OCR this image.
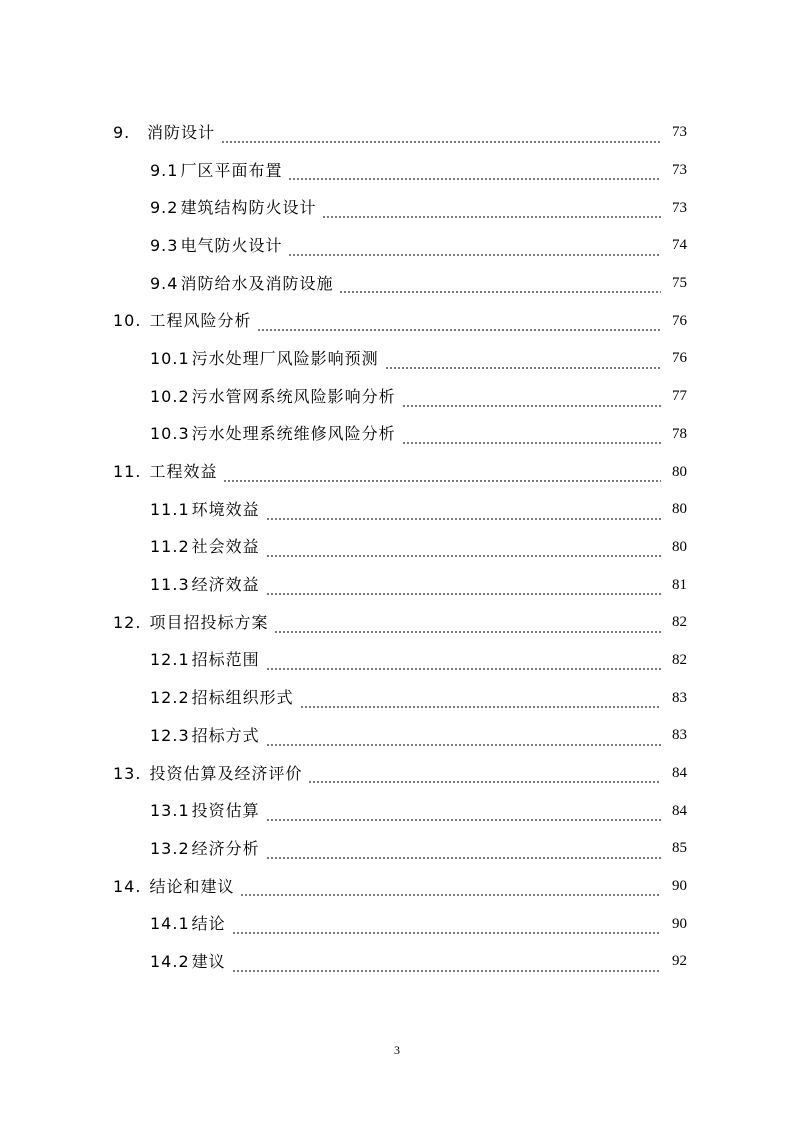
9.	消防设计	73
9.1 厂区平面布置	73
9.2 建筑结构防火设计	73
9.3 电气防火设计	74
9.4 消防给水及消防设施	75
10. 工程风险分析	76
10.1 污水处理厂风险影响预测	76
10.2 污水管网系统风险影响分析	77
10.3 污水处理系统维修风险分析	78
11. 工程效益	80
11.1 环境效益	80
11.2 社会效益	80
11.3 经济效益	81
12. 项目招投标方案	82
12.1 招标范围	82
12.2 招标组织形式	83
12.3 招标方式	83
13. 投资估算及经济评价	84
13.1 投资估算	84
13.2 经济分析	85
14. 结论和建议	90
14.1 结论	90
14.2 建议	92
3
